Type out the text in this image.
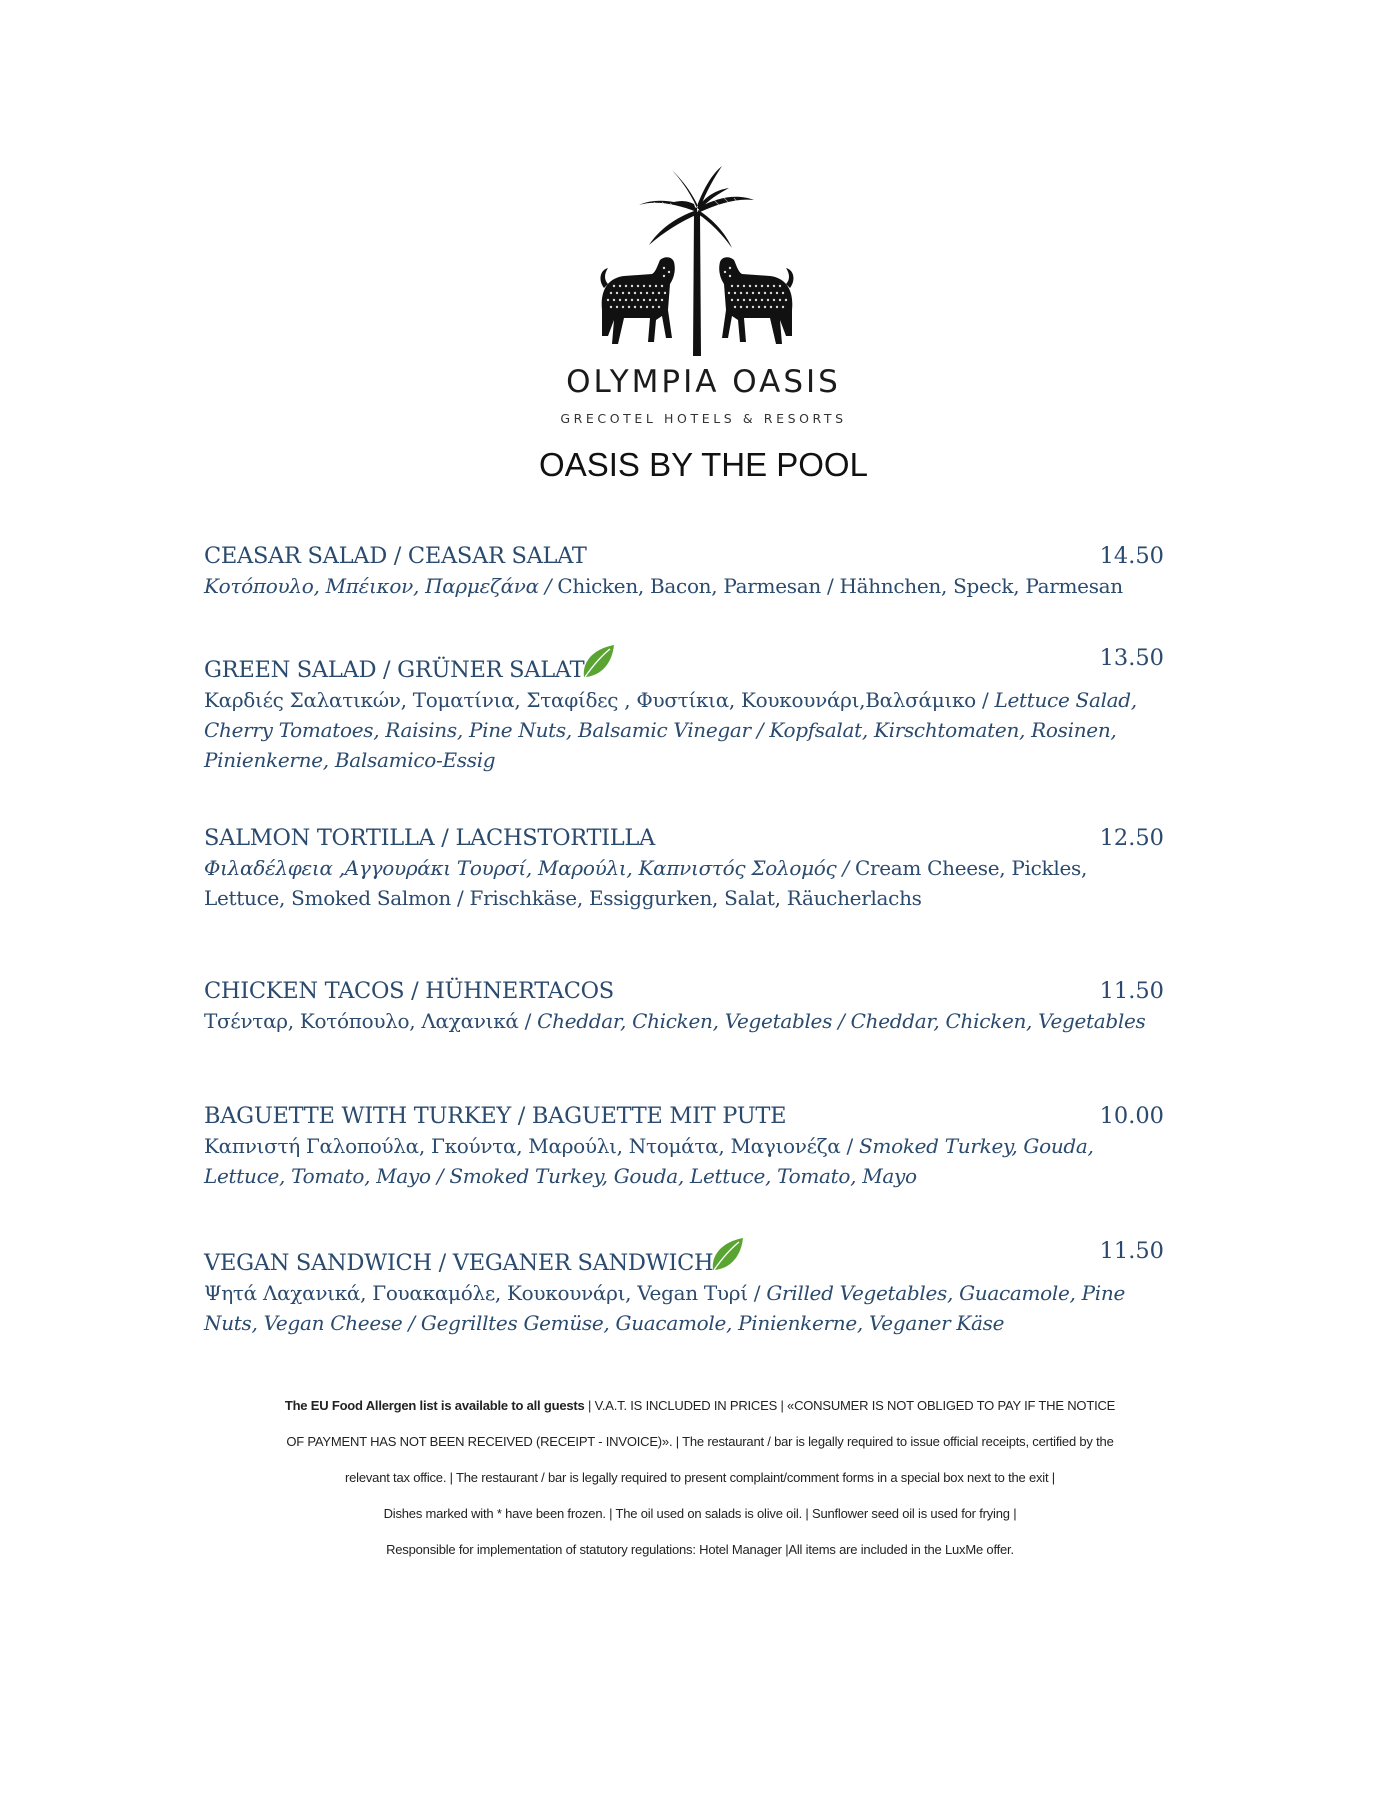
OLYMPIA OASIS
GRECOTEL HOTELS & RESORTS
OASIS BY THE POOL
CEASAR SALAD / CEASAR SALAT	14.50
Κοτόπουλο, Μπέικον, Παρμεζάνα / Chicken, Bacon, Parmesan / Hähnchen, Speck, Parmesan
GREEN SALAD / GRÜNER SALAT	13.50
Καρδιές Σαλατικών, Τοματίνια, Σταφίδες , Φυστίκια, Κουκουνάρι,Βαλσάμικο / Lettuce Salad, Cherry Tomatoes, Raisins, Pine Nuts, Balsamic Vinegar / Kopfsalat, Kirschtomaten, Rosinen, Pinienkerne, Balsamico-Essig
SALMON TORTILLA / LACHSTORTILLA	12.50
Φιλαδέλφεια ,Αγγουράκι Τουρσί, Μαρούλι, Καπνιστός Σολομός / Cream Cheese, Pickles, Lettuce, Smoked Salmon / Frischkäse, Essiggurken, Salat, Räucherlachs
CHICKEN TACOS / HÜHNERTACOS	11.50
Τσένταρ, Κοτόπουλο, Λαχανικά / Cheddar, Chicken, Vegetables / Cheddar, Chicken, Vegetables
BAGUETTE WITH TURKEY / BAGUETTE MIT PUTE	10.00
Καπνιστή Γαλοπούλα, Γκούντα, Μαρούλι, Ντομάτα, Μαγιονέζα / Smoked Turkey, Gouda, Lettuce, Tomato, Mayo / Smoked Turkey, Gouda, Lettuce, Tomato, Mayo
VEGAN SANDWICH / VEGANER SANDWICH	11.50
Ψητά Λαχανικά, Γουακαμόλε, Κουκουνάρι, Vegan Τυρί / Grilled Vegetables, Guacamole, Pine Nuts, Vegan Cheese / Gegrilltes Gemüse, Guacamole, Pinienkerne, Veganer Käse

The EU Food Allergen list is available to all guests | V.A.T. IS INCLUDED IN PRICES | «CONSUMER IS NOT OBLIGED TO PAY IF THE NOTICE

OF PAYMENT HAS NOT BEEN RECEIVED (RECEIPT - INVOICE)». | The restaurant / bar is legally required to issue official receipts, certified by the

relevant tax office. | The restaurant / bar is legally required to present complaint/comment forms in a special box next to the exit |

Dishes marked with * have been frozen. | The oil used on salads is olive oil. | Sunflower seed oil is used for frying |

Responsible for implementation of statutory regulations: Hotel Manager |All items are included in the LuxMe offer.
